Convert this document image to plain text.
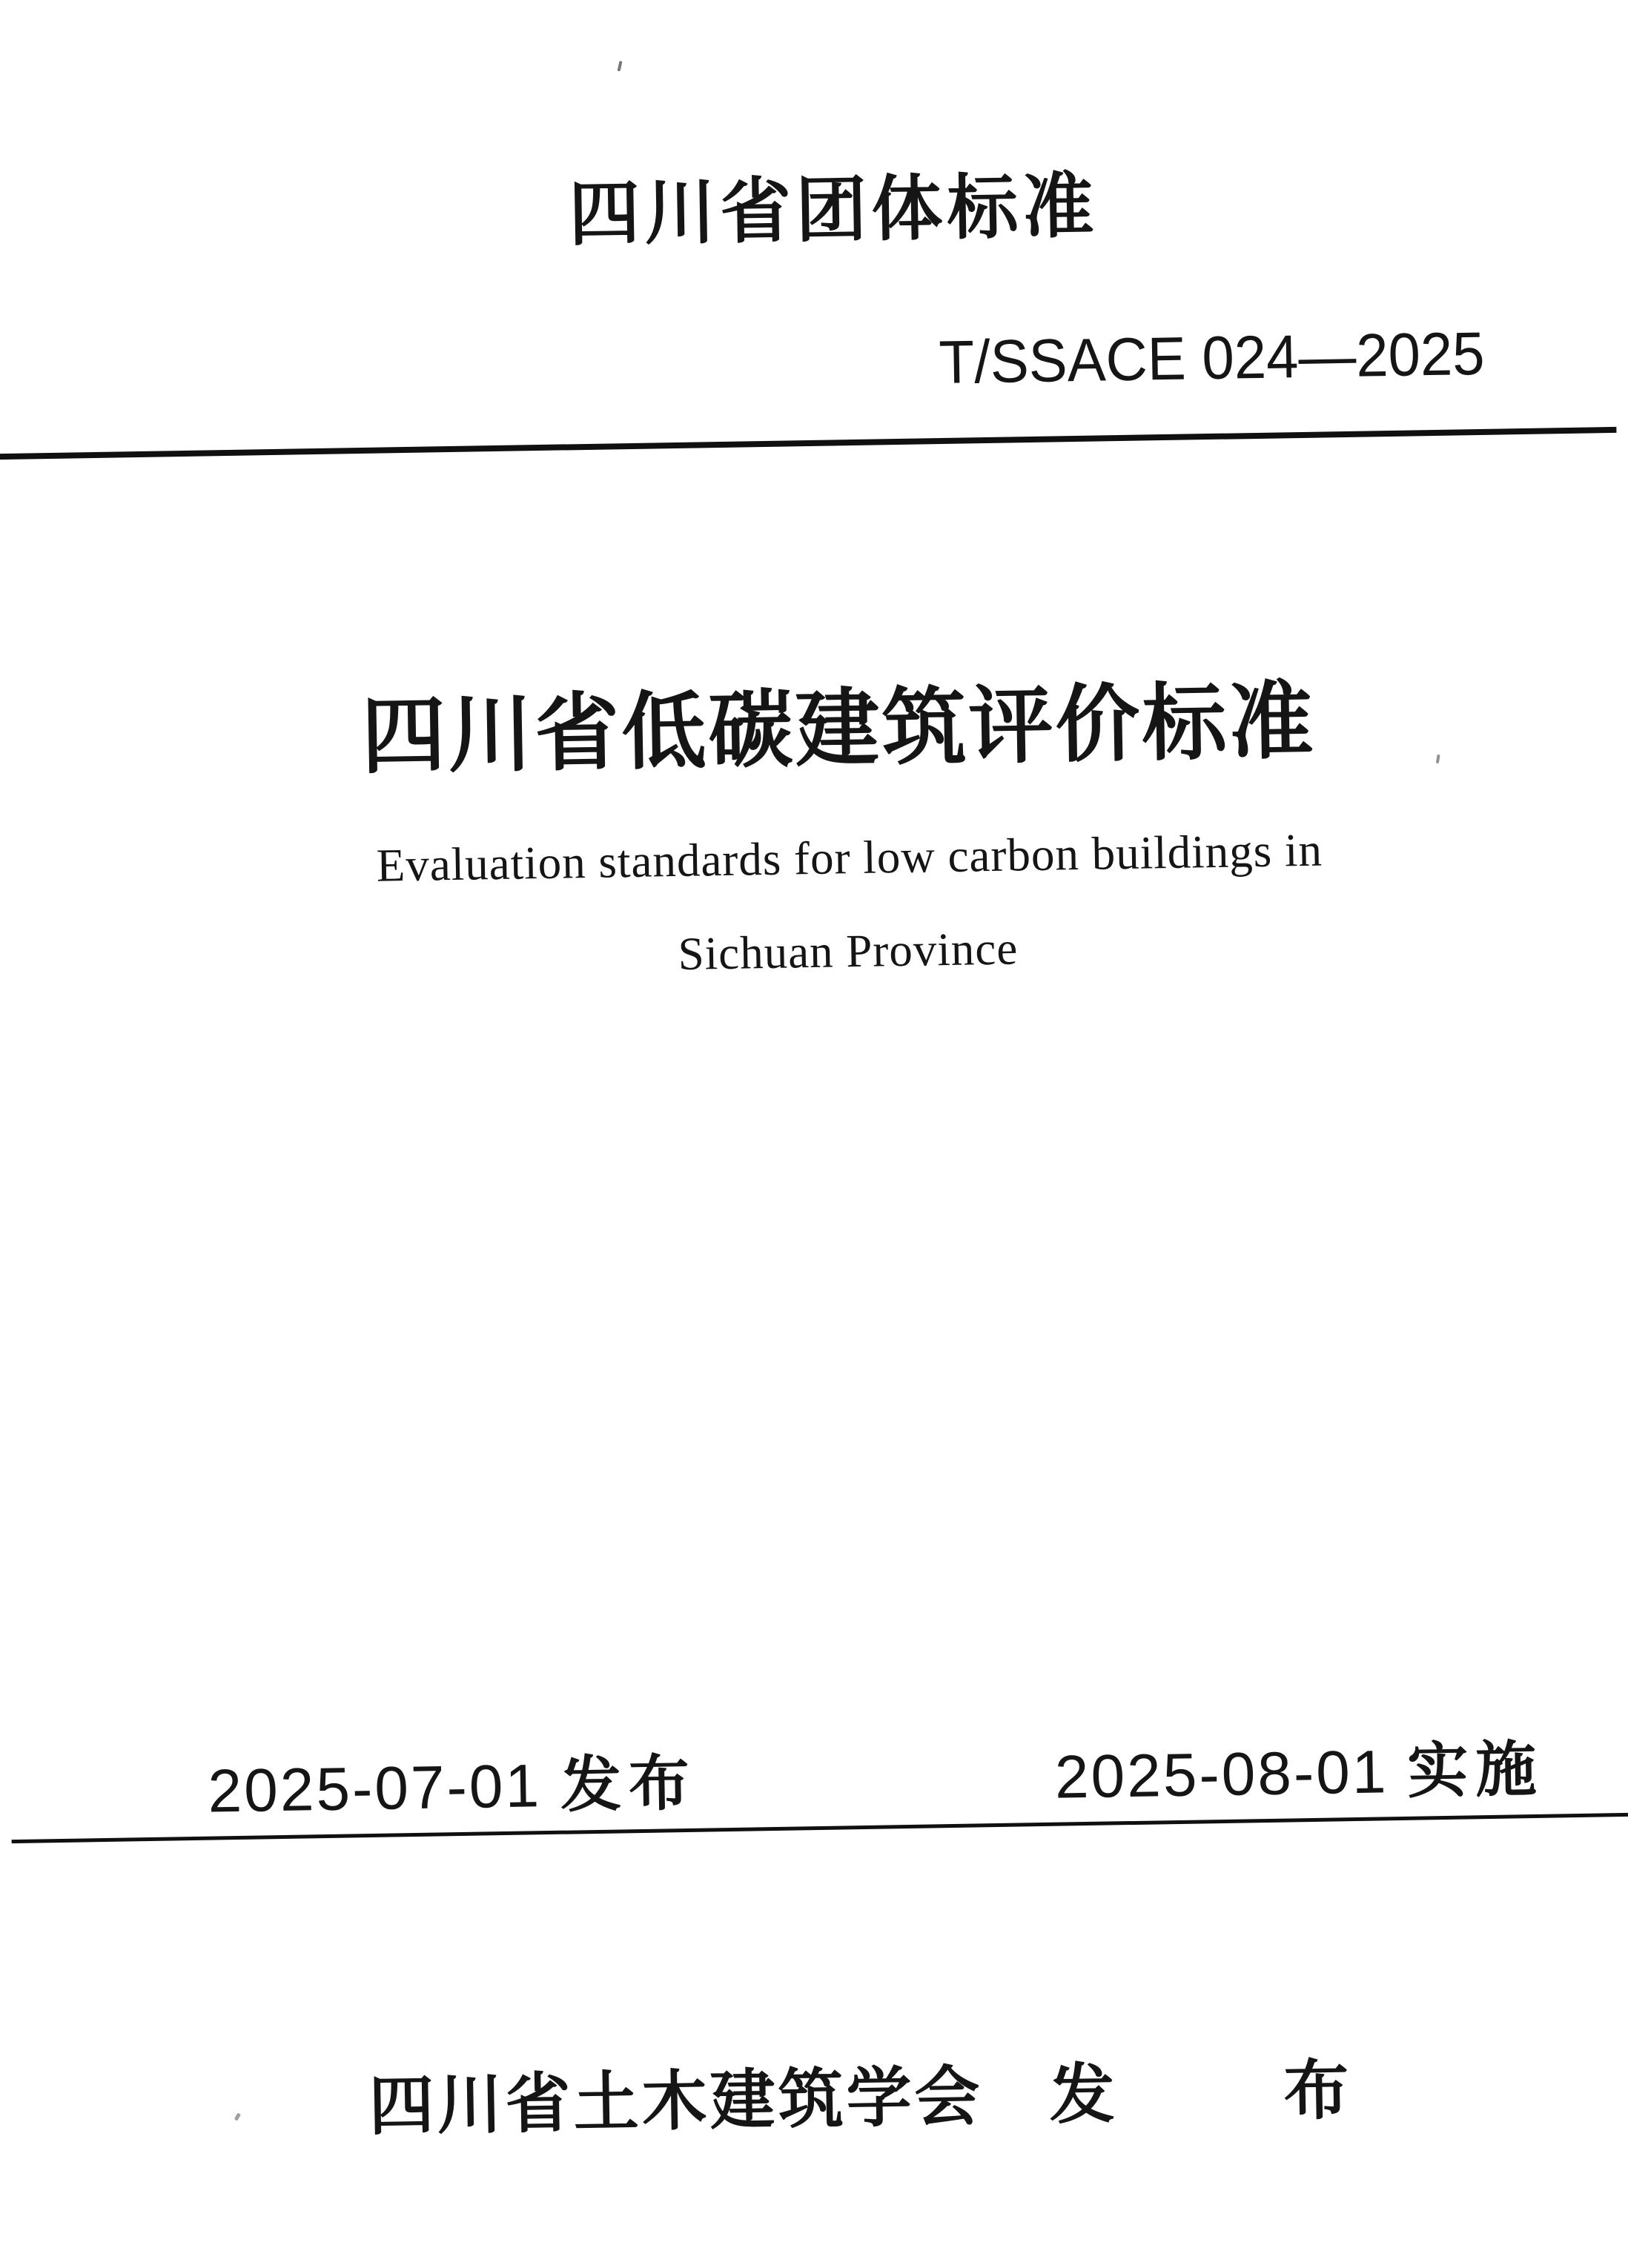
四川省团体标准
T/SSACE 024—2025
四川省低碳建筑评价标准
Evaluation standards for low carbon buildings in
Sichuan Province
2025-07-01 发布	2025-08-01 实施
四川省土木建筑学会 发　布
